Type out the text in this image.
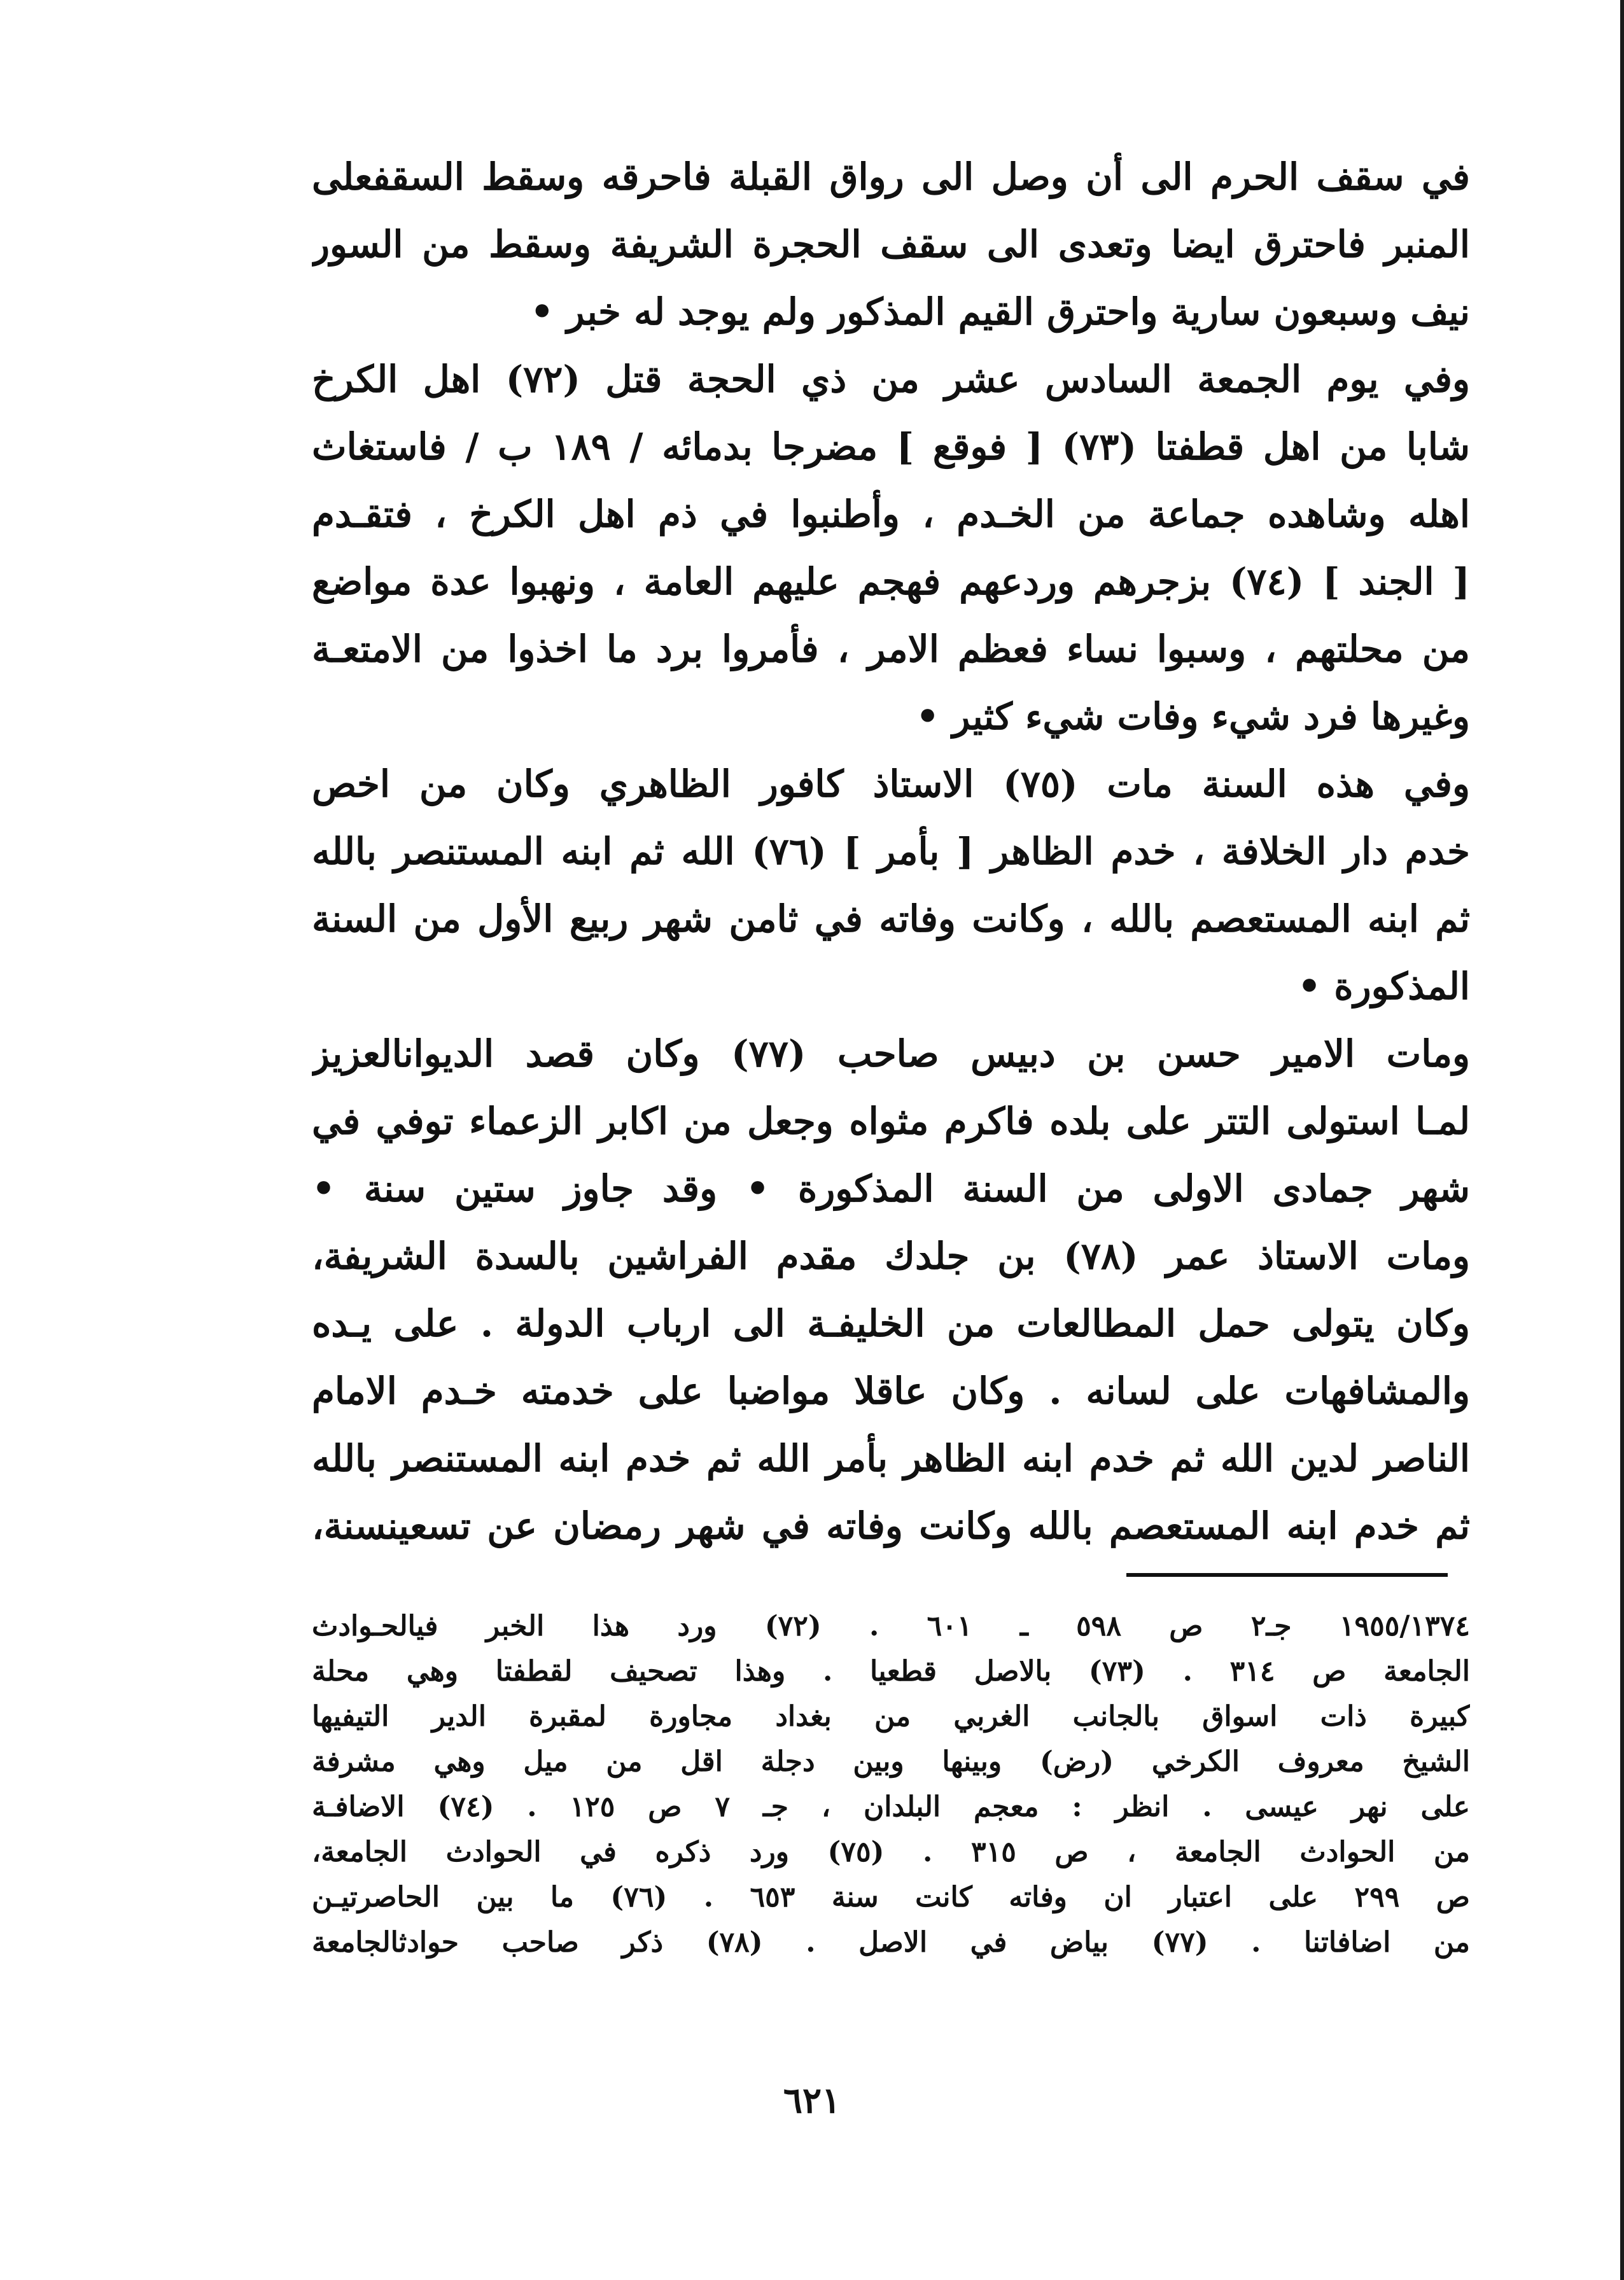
في سقف الحرم الى أن وصل الى رواق القبلة فاحرقه وسقط السقفعلى
المنبر فاحترق ايضا وتعدى الى سقف الحجرة الشريفة وسقط من السور
نيف وسبعون سارية واحترق القيم المذكور ولم يوجد له خبر •
وفي يوم الجمعة السادس عشر من ذي الحجة قتل (٧٢) اهل الكرخ
شابا من اهل قطفتا (٧٣) [ فوقع ] مضرجا بدمائه / ١٨٩ ب / فاستغاث
اهله وشاهده جماعة من الخـدم ، وأطنبوا في ذم اهل الكرخ ، فتقـدم
[ الجند ] (٧٤) بزجرهم وردعهم فهجم عليهم العامة ، ونهبوا عدة مواضع
من محلتهم ، وسبوا نساء فعظم الامر ، فأمروا برد ما اخذوا من الامتعـة
وغيرها فرد شيء وفات شيء كثير •
وفي هذه السنة مات (٧٥) الاستاذ كافور الظاهري وكان من اخص
خدم دار الخلافة ، خدم الظاهر [ بأمر ] (٧٦) الله ثم ابنه المستنصر بالله
ثم ابنه المستعصم بالله ، وكانت وفاته في ثامن شهر ربيع الأول من السنة
المذكورة •
ومات الامير حسن بن دبيس صاحب (٧٧) وكان قصد الديوانالعزيز
لمـا استولى التتر على بلده فاكرم مثواه وجعل من اكابر الزعماء توفي في
شهر جمادى الاولى من السنة المذكورة • وقد جاوز ستين سنة •
ومات الاستاذ عمر (٧٨) بن جلدك مقدم الفراشين بالسدة الشريفة،
وكان يتولى حمل المطالعات من الخليفـة الى ارباب الدولة . على يـده
والمشافهات على لسانه . وكان عاقلا مواضبا على خدمته خـدم الامام
الناصر لدين الله ثم خدم ابنه الظاهر بأمر الله ثم خدم ابنه المستنصر بالله
ثم خدم ابنه المستعصم بالله وكانت وفاته في شهر رمضان عن تسعينسنة،
١٩٥٥/١٣٧٤ جـ٢ ص ٥٩٨ ـ ٦٠١ . (٧٢) ورد هذا الخبر فيالحـوادث
الجامعة ص ٣١٤ . (٧٣) بالاصل قطعيا . وهذا تصحيف لقطفتا وهي محلة
كبيرة ذات اسواق بالجانب الغربي من بغداد مجاورة لمقبرة الدير التيفيها
الشيخ معروف الكرخي (رض) وبينها وبين دجلة اقل من ميل وهي مشرفة
على نهر عيسى . انظر : معجم البلدان ، جـ ٧ ص ١٢٥ . (٧٤) الاضافـة
من الحوادث الجامعة ، ص ٣١٥ . (٧٥) ورد ذكره في الحوادث الجامعة،
ص ٢٩٩ على اعتبار ان وفاته كانت سنة ٦٥٣ . (٧٦) ما بين الحاصرتيـن
من اضافاتنا . (٧٧) بياض في الاصل . (٧٨) ذكر صاحب حوادثالجامعة
٦٢١
